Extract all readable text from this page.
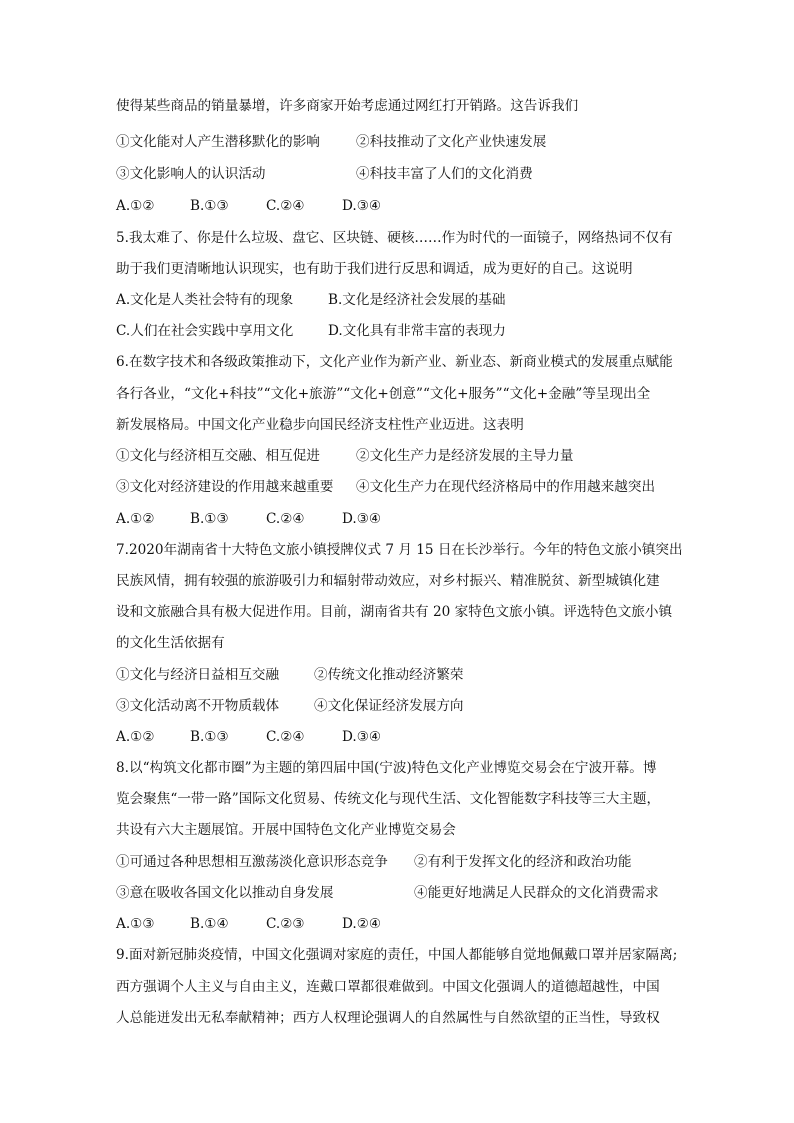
使得某些商品的销量暴增，许多商家开始考虑通过网红打开销路。这告诉我们
①文化能对人产生潜移默化的影响	②科技推动了文化产业快速发展
③文化影响人的认识活动	④科技丰富了人们的文化消费
A.①②	B.①③	C.②④	D.③④
5.我太难了、你是什么垃圾、盘它、区块链、硬核……作为时代的一面镜子，网络热词不仅有
助于我们更清晰地认识现实，也有助于我们进行反思和调适，成为更好的自己。这说明
A.文化是人类社会特有的现象	B.文化是经济社会发展的基础
C.人们在社会实践中享用文化	D.文化具有非常丰富的表现力
6.在数字技术和各级政策推动下，文化产业作为新产业、新业态、新商业模式的发展重点赋能
各行各业，“文化+科技”“文化+旅游”“文化+创意”“文化+服务”“文化+金融”等呈现出全
新发展格局。中国文化产业稳步向国民经济支柱性产业迈进。这表明
①文化与经济相互交融、相互促进	②文化生产力是经济发展的主导力量
③文化对经济建设的作用越来越重要 ④文化生产力在现代经济格局中的作用越来越突出
A.①②	B.①③	C.②④	D.③④
7.2020年湖南省十大特色文旅小镇授牌仪式 7 月 15 日在长沙举行。今年的特色文旅小镇突出
民族风情，拥有较强的旅游吸引力和辐射带动效应，对乡村振兴、精准脱贫、新型城镇化建
设和文旅融合具有极大促进作用。目前，湖南省共有 20 家特色文旅小镇。评选特色文旅小镇
的文化生活依据有
①文化与经济日益相互交融	②传统文化推动经济繁荣
③文化活动离不开物质载体	④文化保证经济发展方向
A.①②	B.①③	C.②④	D.③④
8.以“构筑文化都市圈”为主题的第四届中国(宁波)特色文化产业博览交易会在宁波开幕。博
览会聚焦“一带一路”国际文化贸易、传统文化与现代生活、文化智能数字科技等三大主题，
共设有六大主题展馆。开展中国特色文化产业博览交易会
①可通过各种思想相互激荡淡化意识形态竞争 ②有利于发挥文化的经济和政治功能
③意在吸收各国文化以推动自身发展	④能更好地满足人民群众的文化消费需求
A.①③	B.①④	C.②③	D.②④
9.面对新冠肺炎疫情，中国文化强调对家庭的责任，中国人都能够自觉地佩戴口罩并居家隔离;
西方强调个人主义与自由主义，连戴口罩都很难做到。中国文化强调人的道德超越性，中国
人总能迸发出无私奉献精神；西方人权理论强调人的自然属性与自然欲望的正当性，导致权
